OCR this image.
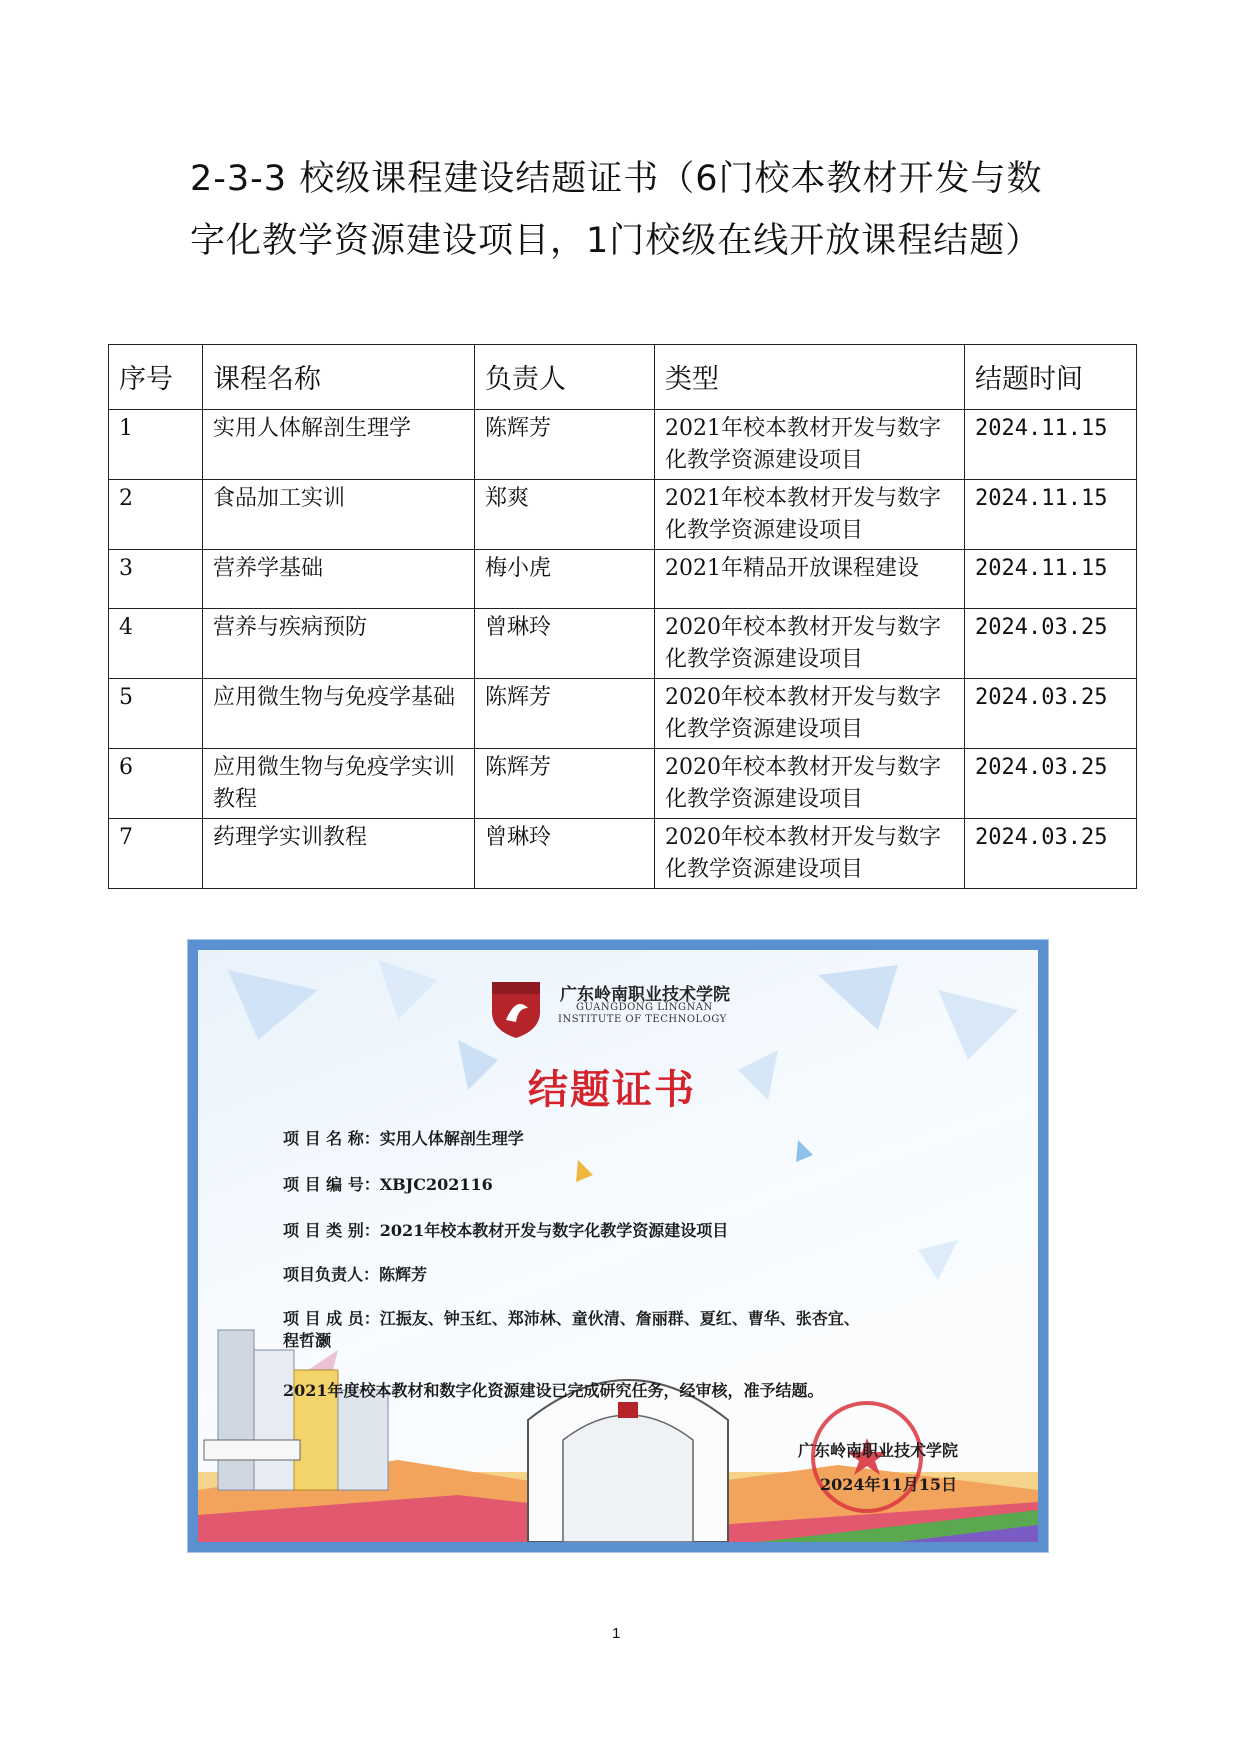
2-3-3 校级课程建设结题证书（6门校本教材开发与数字化教学资源建设项目，1门校级在线开放课程结题）
序号	课程名称	负责人	类型	结题时间
1	实用人体解剖生理学	陈辉芳	2021年校本教材开发与数字化教学资源建设项目	2024.11.15
2	食品加工实训	郑爽	2021年校本教材开发与数字化教学资源建设项目	2024.11.15
3	营养学基础	梅小虎	2021年精品开放课程建设	2024.11.15
4	营养与疾病预防	曾琳玲	2020年校本教材开发与数字化教学资源建设项目	2024.03.25
5	应用微生物与免疫学基础	陈辉芳	2020年校本教材开发与数字化教学资源建设项目	2024.03.25
6	应用微生物与免疫学实训教程	陈辉芳	2020年校本教材开发与数字化教学资源建设项目	2024.03.25
7	药理学实训教程	曾琳玲	2020年校本教材开发与数字化教学资源建设项目	2024.03.25
广东岭南职业技术学院
GUANGDONG LINGNAN
INSTITUTE OF TECHNOLOGY
结题证书
项 目 名 称：实用人体解剖生理学
项 目 编 号：XBJC202116
项 目 类 别：2021年校本教材开发与数字化教学资源建设项目
项目负责人：陈辉芳
项 目 成 员：江振友、钟玉红、郑沛林、童伙清、詹丽群、夏红、曹华、张杏宜、
程哲灏
2021年度校本教材和数字化资源建设已完成研究任务，经审核，准予结题。
广东岭南职业技术学院
2024年11月15日
1
